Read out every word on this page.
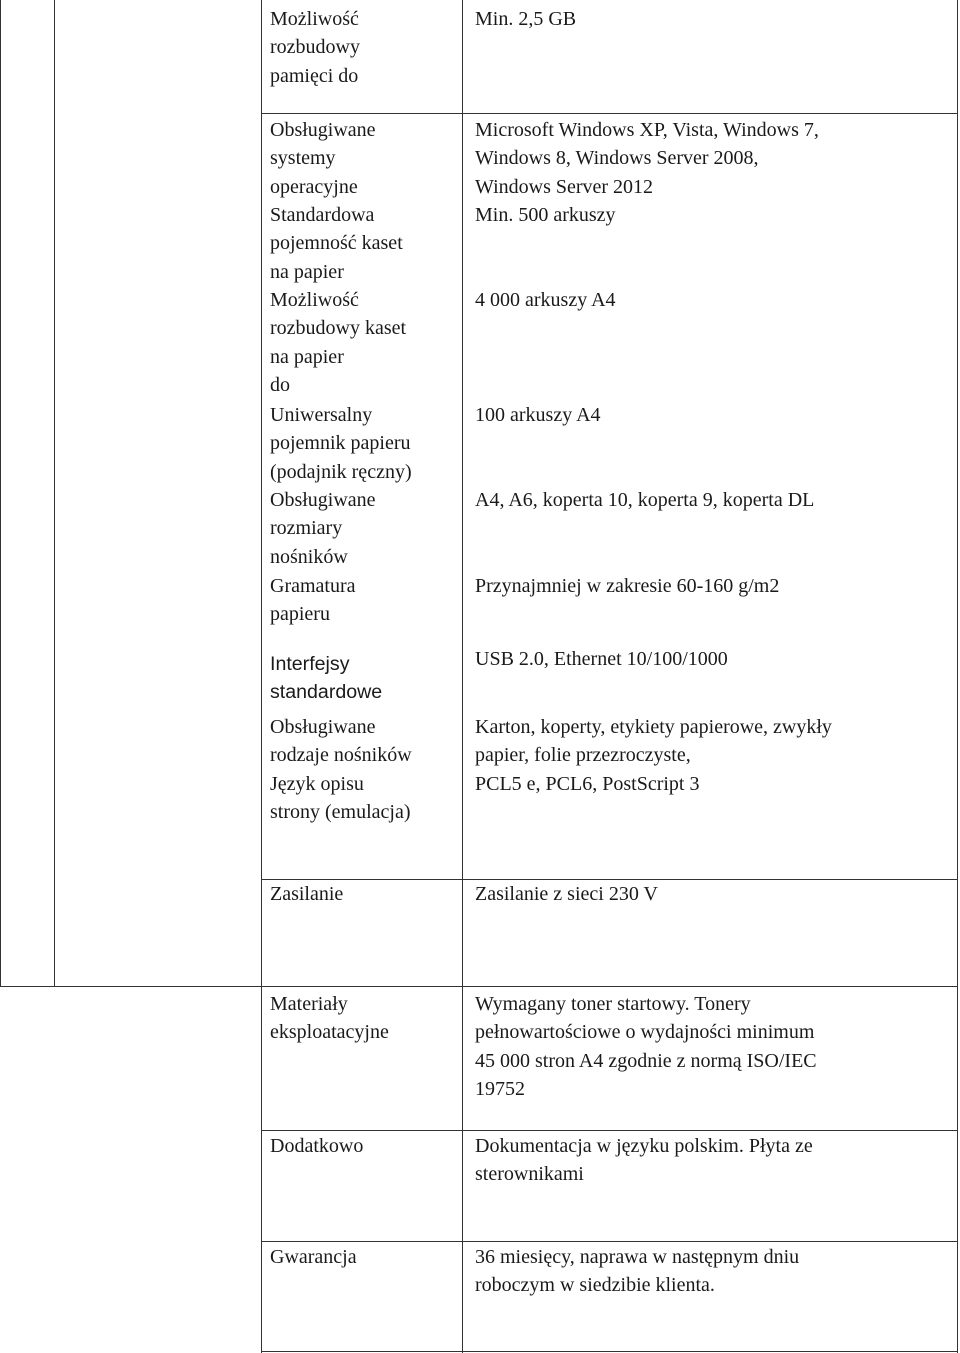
Możliwość
rozbudowy
pamięci do
Obsługiwane
systemy
operacyjne
Standardowa
pojemność kaset
na papier
Możliwość
rozbudowy kaset
na papier
do
Uniwersalny
pojemnik papieru
(podajnik ręczny)
Obsługiwane
rozmiary
nośników
Gramatura
papieru
Interfejsy
standardowe
Obsługiwane
rodzaje nośników
Język opisu
strony (emulacja)
Zasilanie
Materiały
eksploatacyjne
Dodatkowo
Gwarancja
Min. 2,5 GB
Microsoft Windows XP, Vista, Windows 7,
Windows 8, Windows Server 2008,
Windows Server 2012
Min. 500 arkuszy
4 000 arkuszy A4
100 arkuszy A4
A4, A6, koperta 10, koperta 9, koperta DL
Przynajmniej w zakresie 60-160 g/m2
USB 2.0, Ethernet 10/100/1000
Karton, koperty, etykiety papierowe, zwykły
papier, folie przezroczyste,
PCL5 e, PCL6, PostScript 3
Zasilanie z sieci 230 V
Wymagany toner startowy. Tonery
pełnowartościowe o wydajności minimum
45 000 stron A4 zgodnie z normą ISO/IEC
19752
Dokumentacja w języku polskim. Płyta ze
sterownikami
36 miesięcy, naprawa w następnym dniu
roboczym w siedzibie klienta.
